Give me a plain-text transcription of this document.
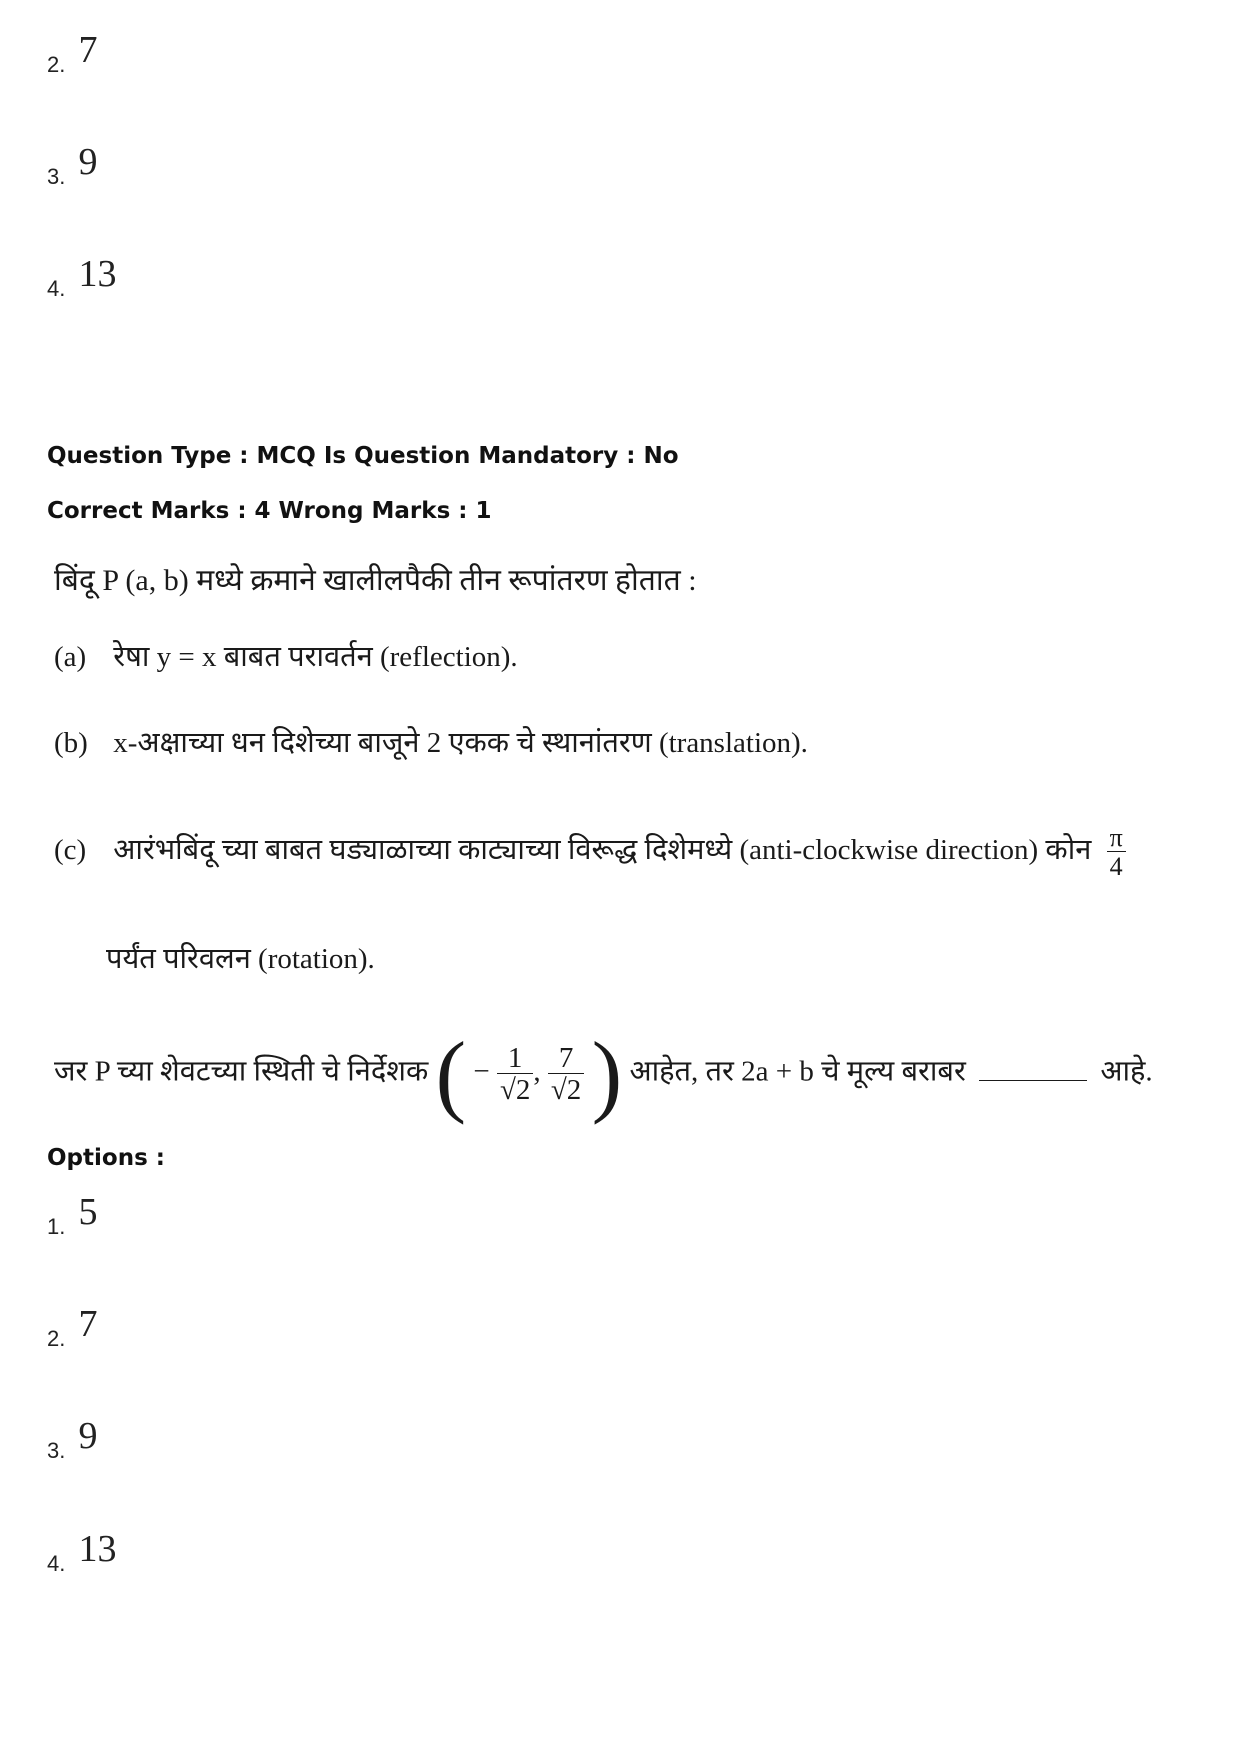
2. 7
3. 9
4. 13
Question Type : MCQ Is Question Mandatory : No
Correct Marks : 4 Wrong Marks : 1
बिंदू P (a, b) मध्ये क्रमाने खालीलपैकी तीन रूपांतरण होतात :
(a) रेषा y = x बाबत परावर्तन (reflection).
(b) x-अक्षाच्या धन दिशेच्या बाजूने 2 एकक चे स्थानांतरण (translation).
(c) आरंभबिंदू च्या बाबत घड्याळाच्या काट्याच्या विरूद्ध दिशेमध्ये (anti-clockwise direction) कोन $\frac{\pi}{4}$
पर्यंत परिवलन (rotation).
जर P च्या शेवटच्या स्थिती चे निर्देशक ( − $\frac{1}{√2}$ , $\frac{7}{√2}$ ) आहेत, तर 2a + b चे मूल्य बराबर	आहे.
Options :
1. 5
2. 7
3. 9
4. 13
